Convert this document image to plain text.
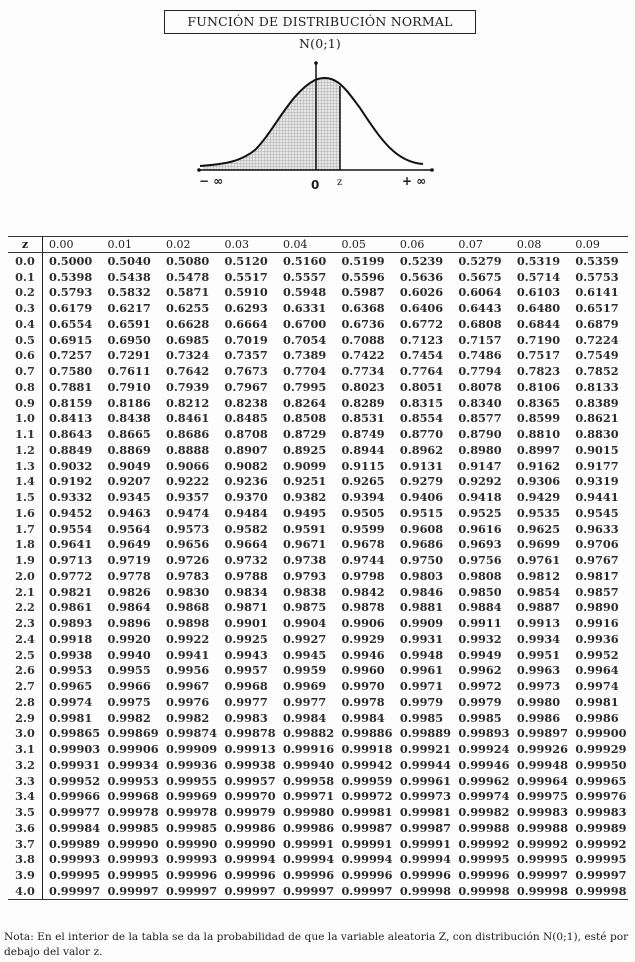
FUNCIÓN DE DISTRIBUCIÓN NORMAL N(0;1)
− ∞	0 z	+ ∞
z	0.00	0.01	0.02	0.03	0.04	0.05	0.06	0.07	0.08	0.09
0.0	0.5000	0.5040	0.5080	0.5120	0.5160	0.5199	0.5239	0.5279	0.5319	0.5359
0.1	0.5398	0.5438	0.5478	0.5517	0.5557	0.5596	0.5636	0.5675	0.5714	0.5753
0.2	0.5793	0.5832	0.5871	0.5910	0.5948	0.5987	0.6026	0.6064	0.6103	0.6141
0.3	0.6179	0.6217	0.6255	0.6293	0.6331	0.6368	0.6406	0.6443	0.6480	0.6517
0.4	0.6554	0.6591	0.6628	0.6664	0.6700	0.6736	0.6772	0.6808	0.6844	0.6879
0.5	0.6915	0.6950	0.6985	0.7019	0.7054	0.7088	0.7123	0.7157	0.7190	0.7224
0.6	0.7257	0.7291	0.7324	0.7357	0.7389	0.7422	0.7454	0.7486	0.7517	0.7549
0.7	0.7580	0.7611	0.7642	0.7673	0.7704	0.7734	0.7764	0.7794	0.7823	0.7852
0.8	0.7881	0.7910	0.7939	0.7967	0.7995	0.8023	0.8051	0.8078	0.8106	0.8133
0.9	0.8159	0.8186	0.8212	0.8238	0.8264	0.8289	0.8315	0.8340	0.8365	0.8389
1.0	0.8413	0.8438	0.8461	0.8485	0.8508	0.8531	0.8554	0.8577	0.8599	0.8621
1.1	0.8643	0.8665	0.8686	0.8708	0.8729	0.8749	0.8770	0.8790	0.8810	0.8830
1.2	0.8849	0.8869	0.8888	0.8907	0.8925	0.8944	0.8962	0.8980	0.8997	0.9015
1.3	0.9032	0.9049	0.9066	0.9082	0.9099	0.9115	0.9131	0.9147	0.9162	0.9177
1.4	0.9192	0.9207	0.9222	0.9236	0.9251	0.9265	0.9279	0.9292	0.9306	0.9319
1.5	0.9332	0.9345	0.9357	0.9370	0.9382	0.9394	0.9406	0.9418	0.9429	0.9441
1.6	0.9452	0.9463	0.9474	0.9484	0.9495	0.9505	0.9515	0.9525	0.9535	0.9545
1.7	0.9554	0.9564	0.9573	0.9582	0.9591	0.9599	0.9608	0.9616	0.9625	0.9633
1.8	0.9641	0.9649	0.9656	0.9664	0.9671	0.9678	0.9686	0.9693	0.9699	0.9706
1.9	0.9713	0.9719	0.9726	0.9732	0.9738	0.9744	0.9750	0.9756	0.9761	0.9767
2.0	0.9772	0.9778	0.9783	0.9788	0.9793	0.9798	0.9803	0.9808	0.9812	0.9817
2.1	0.9821	0.9826	0.9830	0.9834	0.9838	0.9842	0.9846	0.9850	0.9854	0.9857
2.2	0.9861	0.9864	0.9868	0.9871	0.9875	0.9878	0.9881	0.9884	0.9887	0.9890
2.3	0.9893	0.9896	0.9898	0.9901	0.9904	0.9906	0.9909	0.9911	0.9913	0.9916
2.4	0.9918	0.9920	0.9922	0.9925	0.9927	0.9929	0.9931	0.9932	0.9934	0.9936
2.5	0.9938	0.9940	0.9941	0.9943	0.9945	0.9946	0.9948	0.9949	0.9951	0.9952
2.6	0.9953	0.9955	0.9956	0.9957	0.9959	0.9960	0.9961	0.9962	0.9963	0.9964
2.7	0.9965	0.9966	0.9967	0.9968	0.9969	0.9970	0.9971	0.9972	0.9973	0.9974
2.8	0.9974	0.9975	0.9976	0.9977	0.9977	0.9978	0.9979	0.9979	0.9980	0.9981
2.9	0.9981	0.9982	0.9982	0.9983	0.9984	0.9984	0.9985	0.9985	0.9986	0.9986
3.0	0.99865	0.99869	0.99874	0.99878	0.99882	0.99886	0.99889	0.99893	0.99897	0.99900
3.1	0.99903	0.99906	0.99909	0.99913	0.99916	0.99918	0.99921	0.99924	0.99926	0.99929
3.2	0.99931	0.99934	0.99936	0.99938	0.99940	0.99942	0.99944	0.99946	0.99948	0.99950
3.3	0.99952	0.99953	0.99955	0.99957	0.99958	0.99959	0.99961	0.99962	0.99964	0.99965
3.4	0.99966	0.99968	0.99969	0.99970	0.99971	0.99972	0.99973	0.99974	0.99975	0.99976
3.5	0.99977	0.99978	0.99978	0.99979	0.99980	0.99981	0.99981	0.99982	0.99983	0.99983
3.6	0.99984	0.99985	0.99985	0.99986	0.99986	0.99987	0.99987	0.99988	0.99988	0.99989
3.7	0.99989	0.99990	0.99990	0.99990	0.99991	0.99991	0.99991	0.99992	0.99992	0.99992
3.8	0.99993	0.99993	0.99993	0.99994	0.99994	0.99994	0.99994	0.99995	0.99995	0.99995
3.9	0.99995	0.99995	0.99996	0.99996	0.99996	0.99996	0.99996	0.99996	0.99997	0.99997
4.0	0.99997	0.99997	0.99997	0.99997	0.99997	0.99997	0.99998	0.99998	0.99998	0.99998
Nota: En el interior de la tabla se da la probabilidad de que la variable aleatoria Z, con distribución N(0;1), esté por debajo del valor z.
